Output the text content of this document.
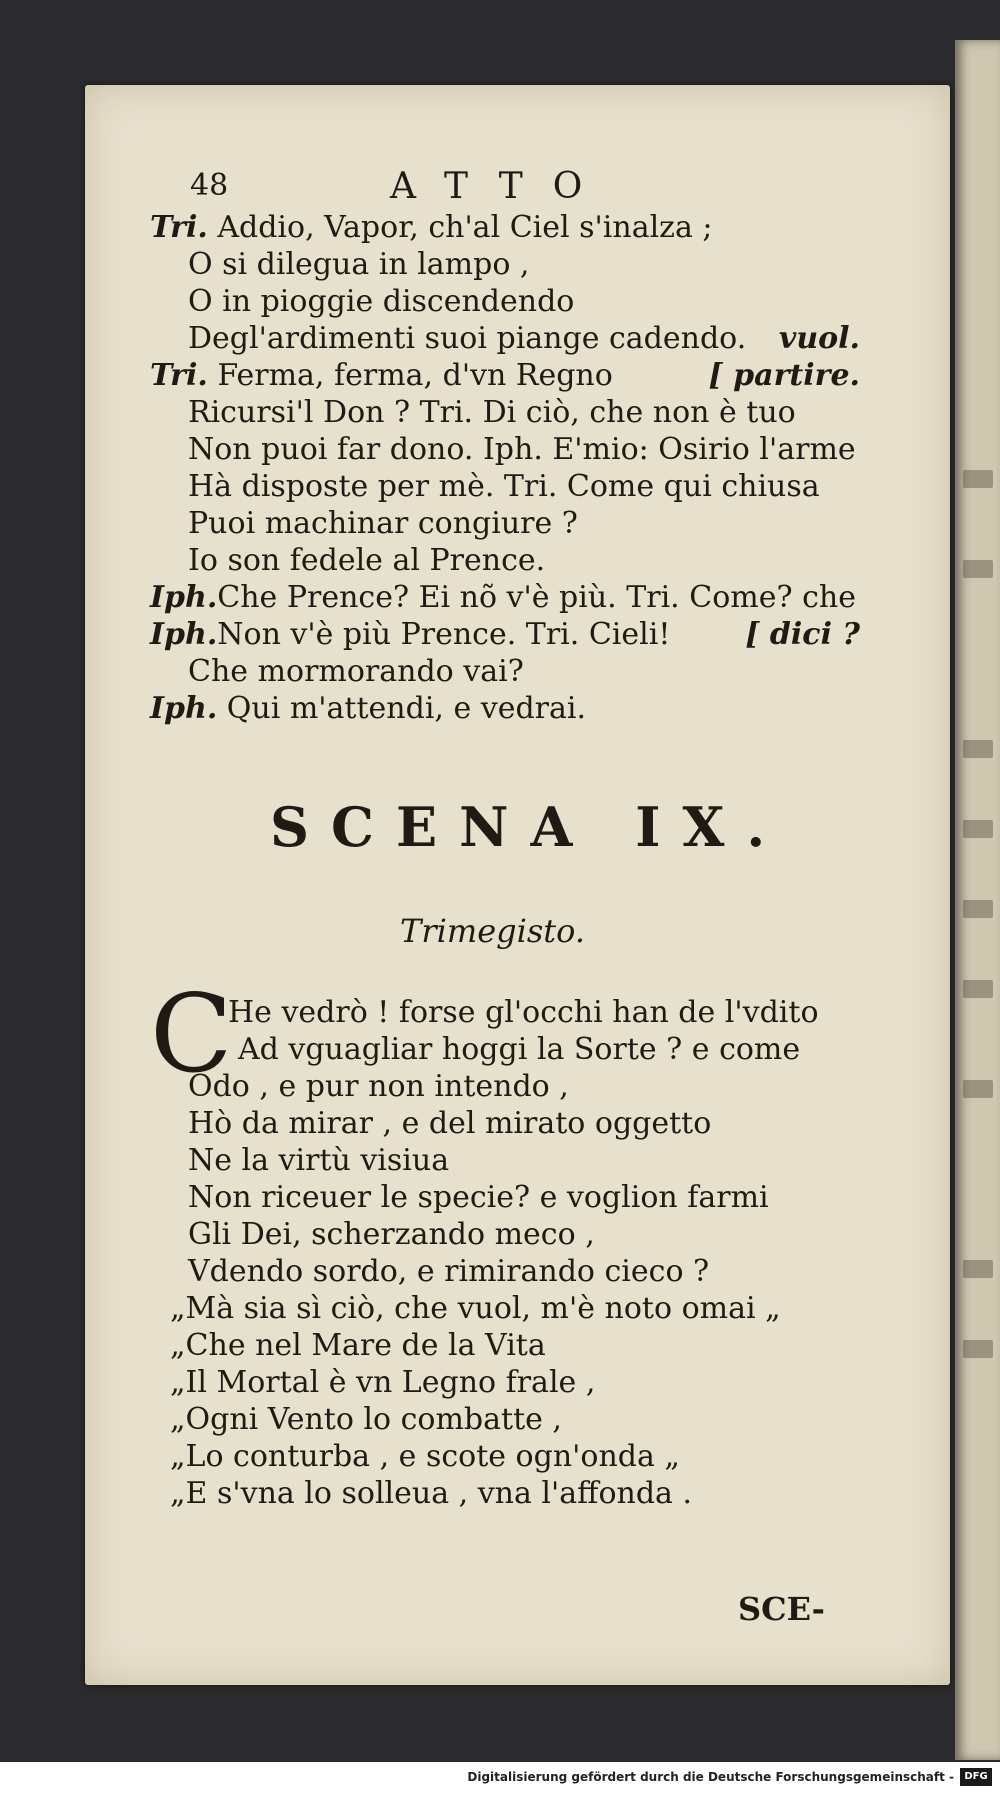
48	ATTO
Tri. Addio, Vapor, ch'al Ciel s'inalza ;
O si dilegua in lampo ,
O in pioggie discendendo
Degl'ardimenti suoi piange cadendo. vuol.
Tri. Ferma, ferma, d'vn Regno	[ partire.
Ricursi'l Don ? Tri. Di ciò, che non è tuo
Non puoi far dono. Iph. E'mio: Osirio l'arme
Hà disposte per mè. Tri. Come qui chiusa
Puoi machinar congiure ?
Io son fedele al Prence.
Iph.Che Prence? Ei nõ v'è più. Tri. Come? che
Iph.Non v'è più Prence. Tri. Cieli! [ dici ?
Che mormorando vai?
Iph. Qui m'attendi, e vedrai.
SCENA IX.
Trimegisto.
C
He vedrò ! forse gl'occhi han de l'vdito
Ad vguagliar hoggi la Sorte ? e come
Odo , e pur non intendo ,
Hò da mirar , e del mirato oggetto
Ne la virtù visiua
Non riceuer le specie? e voglion farmi
Gli Dei, scherzando meco ,
Vdendo sordo, e rimirando cieco ?
„Mà sia sì ciò, che vuol, m'è noto omai „
„Che nel Mare de la Vita
„Il Mortal è vn Legno frale ,
„Ogni Vento lo combatte ,
„Lo conturba , e scote ogn'onda „
„E s'vna lo solleua , vna l'affonda .
SCE-
Digitalisierung gefördert durch die Deutsche Forschungsgemeinschaft -	DFG
